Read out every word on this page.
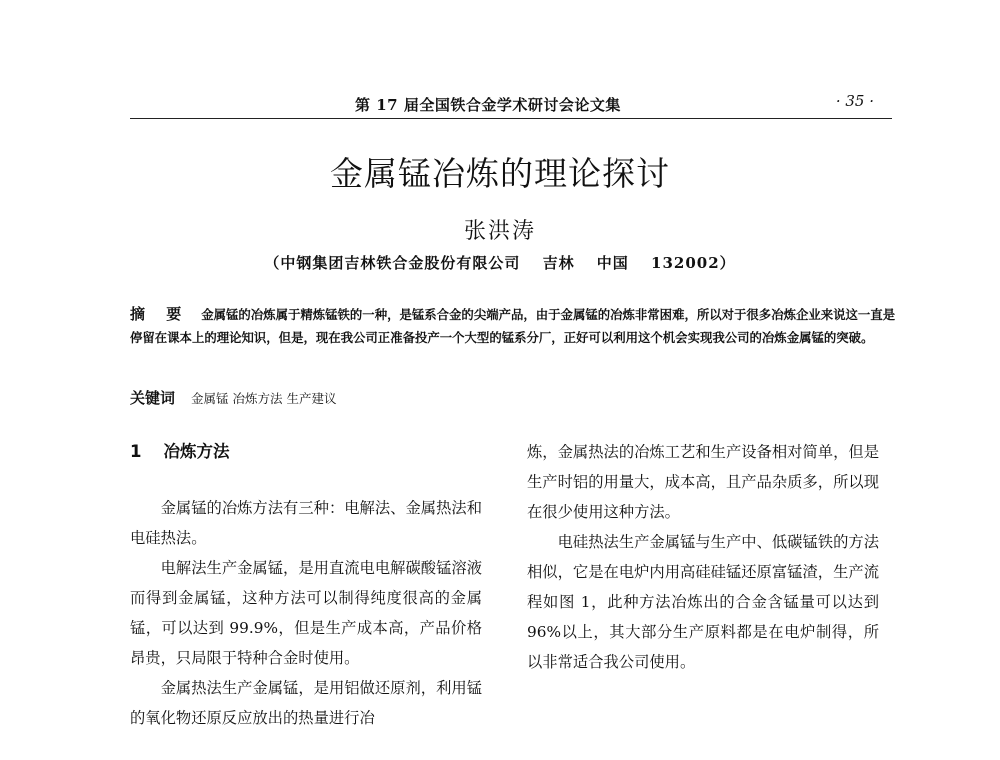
第 17 届全国铁合金学术研讨会论文集	· 35 ·
金属锰冶炼的理论探讨
张洪涛
（中钢集团吉林铁合金股份有限公司　 吉林　 中国　 132002）
摘 要 金属锰的冶炼属于精炼锰铁的一种，是锰系合金的尖端产品，由于金属锰的冶炼非常困难，所以对于很多冶炼企业来说这一直是停留在课本上的理论知识，但是，现在我公司正准备投产一个大型的锰系分厂，正好可以利用这个机会实现我公司的冶炼金属锰的突破。
关键词 金属锰 冶炼方法 生产建议
1 冶炼方法

金属锰的冶炼方法有三种：电解法、金属热法和电硅热法。

电解法生产金属锰，是用直流电电解碳酸锰溶液而得到金属锰，这种方法可以制得纯度很高的金属锰，可以达到 99.9%，但是生产成本高，产品价格昂贵，只局限于特种合金时使用。

金属热法生产金属锰，是用铝做还原剂，利用锰的氧化物还原反应放出的热量进行冶

炼，金属热法的冶炼工艺和生产设备相对简单，但是生产时铝的用量大，成本高，且产品杂质多，所以现在很少使用这种方法。

电硅热法生产金属锰与生产中、低碳锰铁的方法相似，它是在电炉内用高硅硅锰还原富锰渣，生产流程如图 1，此种方法冶炼出的合金含锰量可以达到 96%以上，其大部分生产原料都是在电炉制得，所以非常适合我公司使用。
